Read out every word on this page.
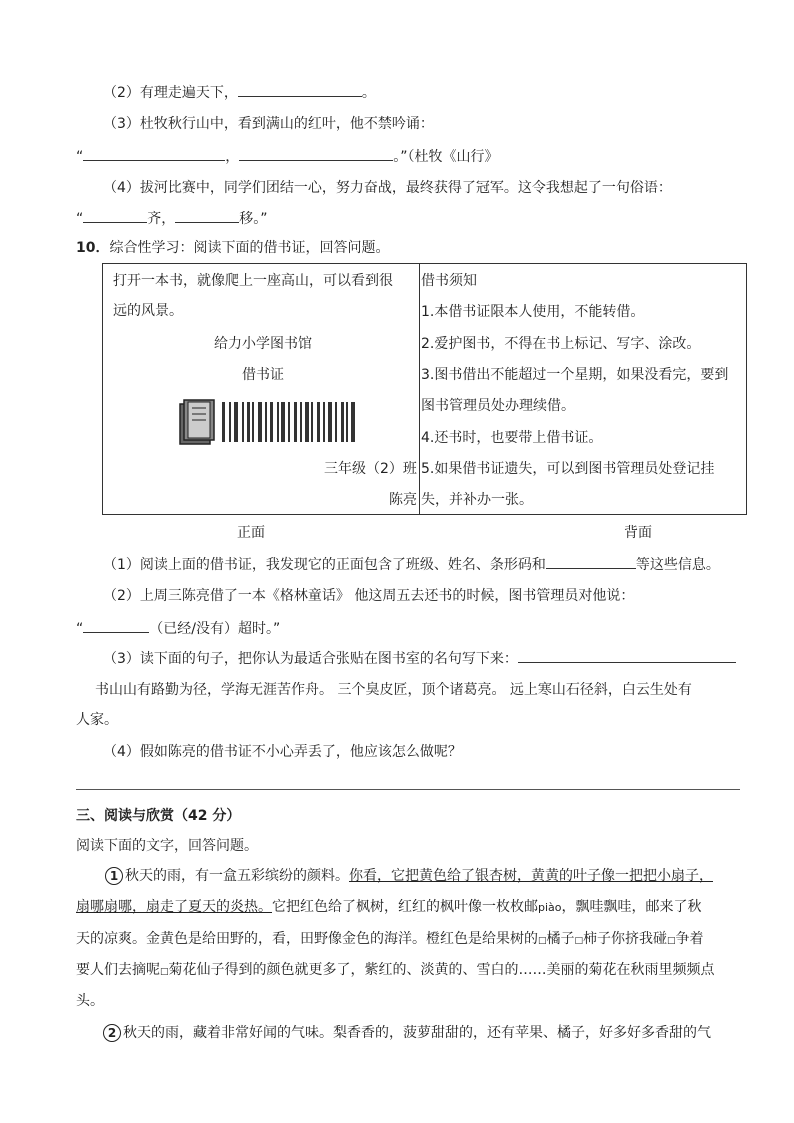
（2）有理走遍天下，	。
（3）杜牧秋行山中，看到满山的红叶，他不禁吟诵：
“	，	。”（杜牧《山行》
（4）拔河比赛中，同学们团结一心，努力奋战，最终获得了冠军。这令我想起了一句俗语：
“	齐，	移。”
10．综合性学习：阅读下面的借书证，回答问题。
打开一本书，就像爬上一座高山，可以看到很
远的风景。
给力小学图书馆
借书证
三年级（2）班
陈亮
借书须知
1.本借书证限本人使用，不能转借。
2.爱护图书，不得在书上标记、写字、涂改。
3.图书借出不能超过一个星期，如果没看完，要到
图书管理员处办理续借。
4.还书时，也要带上借书证。
5.如果借书证遗失，可以到图书管理员处登记挂
失，并补办一张。
正面	背面
（1）阅读上面的借书证，我发现它的正面包含了班级、姓名、条形码和	等这些信息。
（2）上周三陈亮借了一本《格林童话》 他这周五去还书的时候，图书管理员对他说：
“	（已经/没有）超时。”
（3）读下面的句子，把你认为最适合张贴在图书室的名句写下来：
书山山有路勤为径，学海无涯苦作舟。 三个臭皮匠，顶个诸葛亮。 远上寒山石径斜，白云生处有
人家。
（4）假如陈亮的借书证不小心弄丢了，他应该怎么做呢？
三、阅读与欣赏（42 分）
阅读下面的文字，回答问题。
1 秋天的雨，有一盒五彩缤纷的颜料。你看，它把黄色给了银杏树，黄黄的叶子像一把把小扇子，
扇哪扇哪，扇走了夏天的炎热。它把红色给了枫树，红红的枫叶像一枚枚邮piào，飘哇飘哇，邮来了秋
天的凉爽。金黄色是给田野的，看，田野像金色的海洋。橙红色是给果树的□橘子□柿子你挤我碰□争着
要人们去摘呢□菊花仙子得到的颜色就更多了，紫红的、淡黄的、雪白的……美丽的菊花在秋雨里频频点
头。
2 秋天的雨，藏着非常好闻的气味。梨香香的，菠萝甜甜的，还有苹果、橘子，好多好多香甜的气
